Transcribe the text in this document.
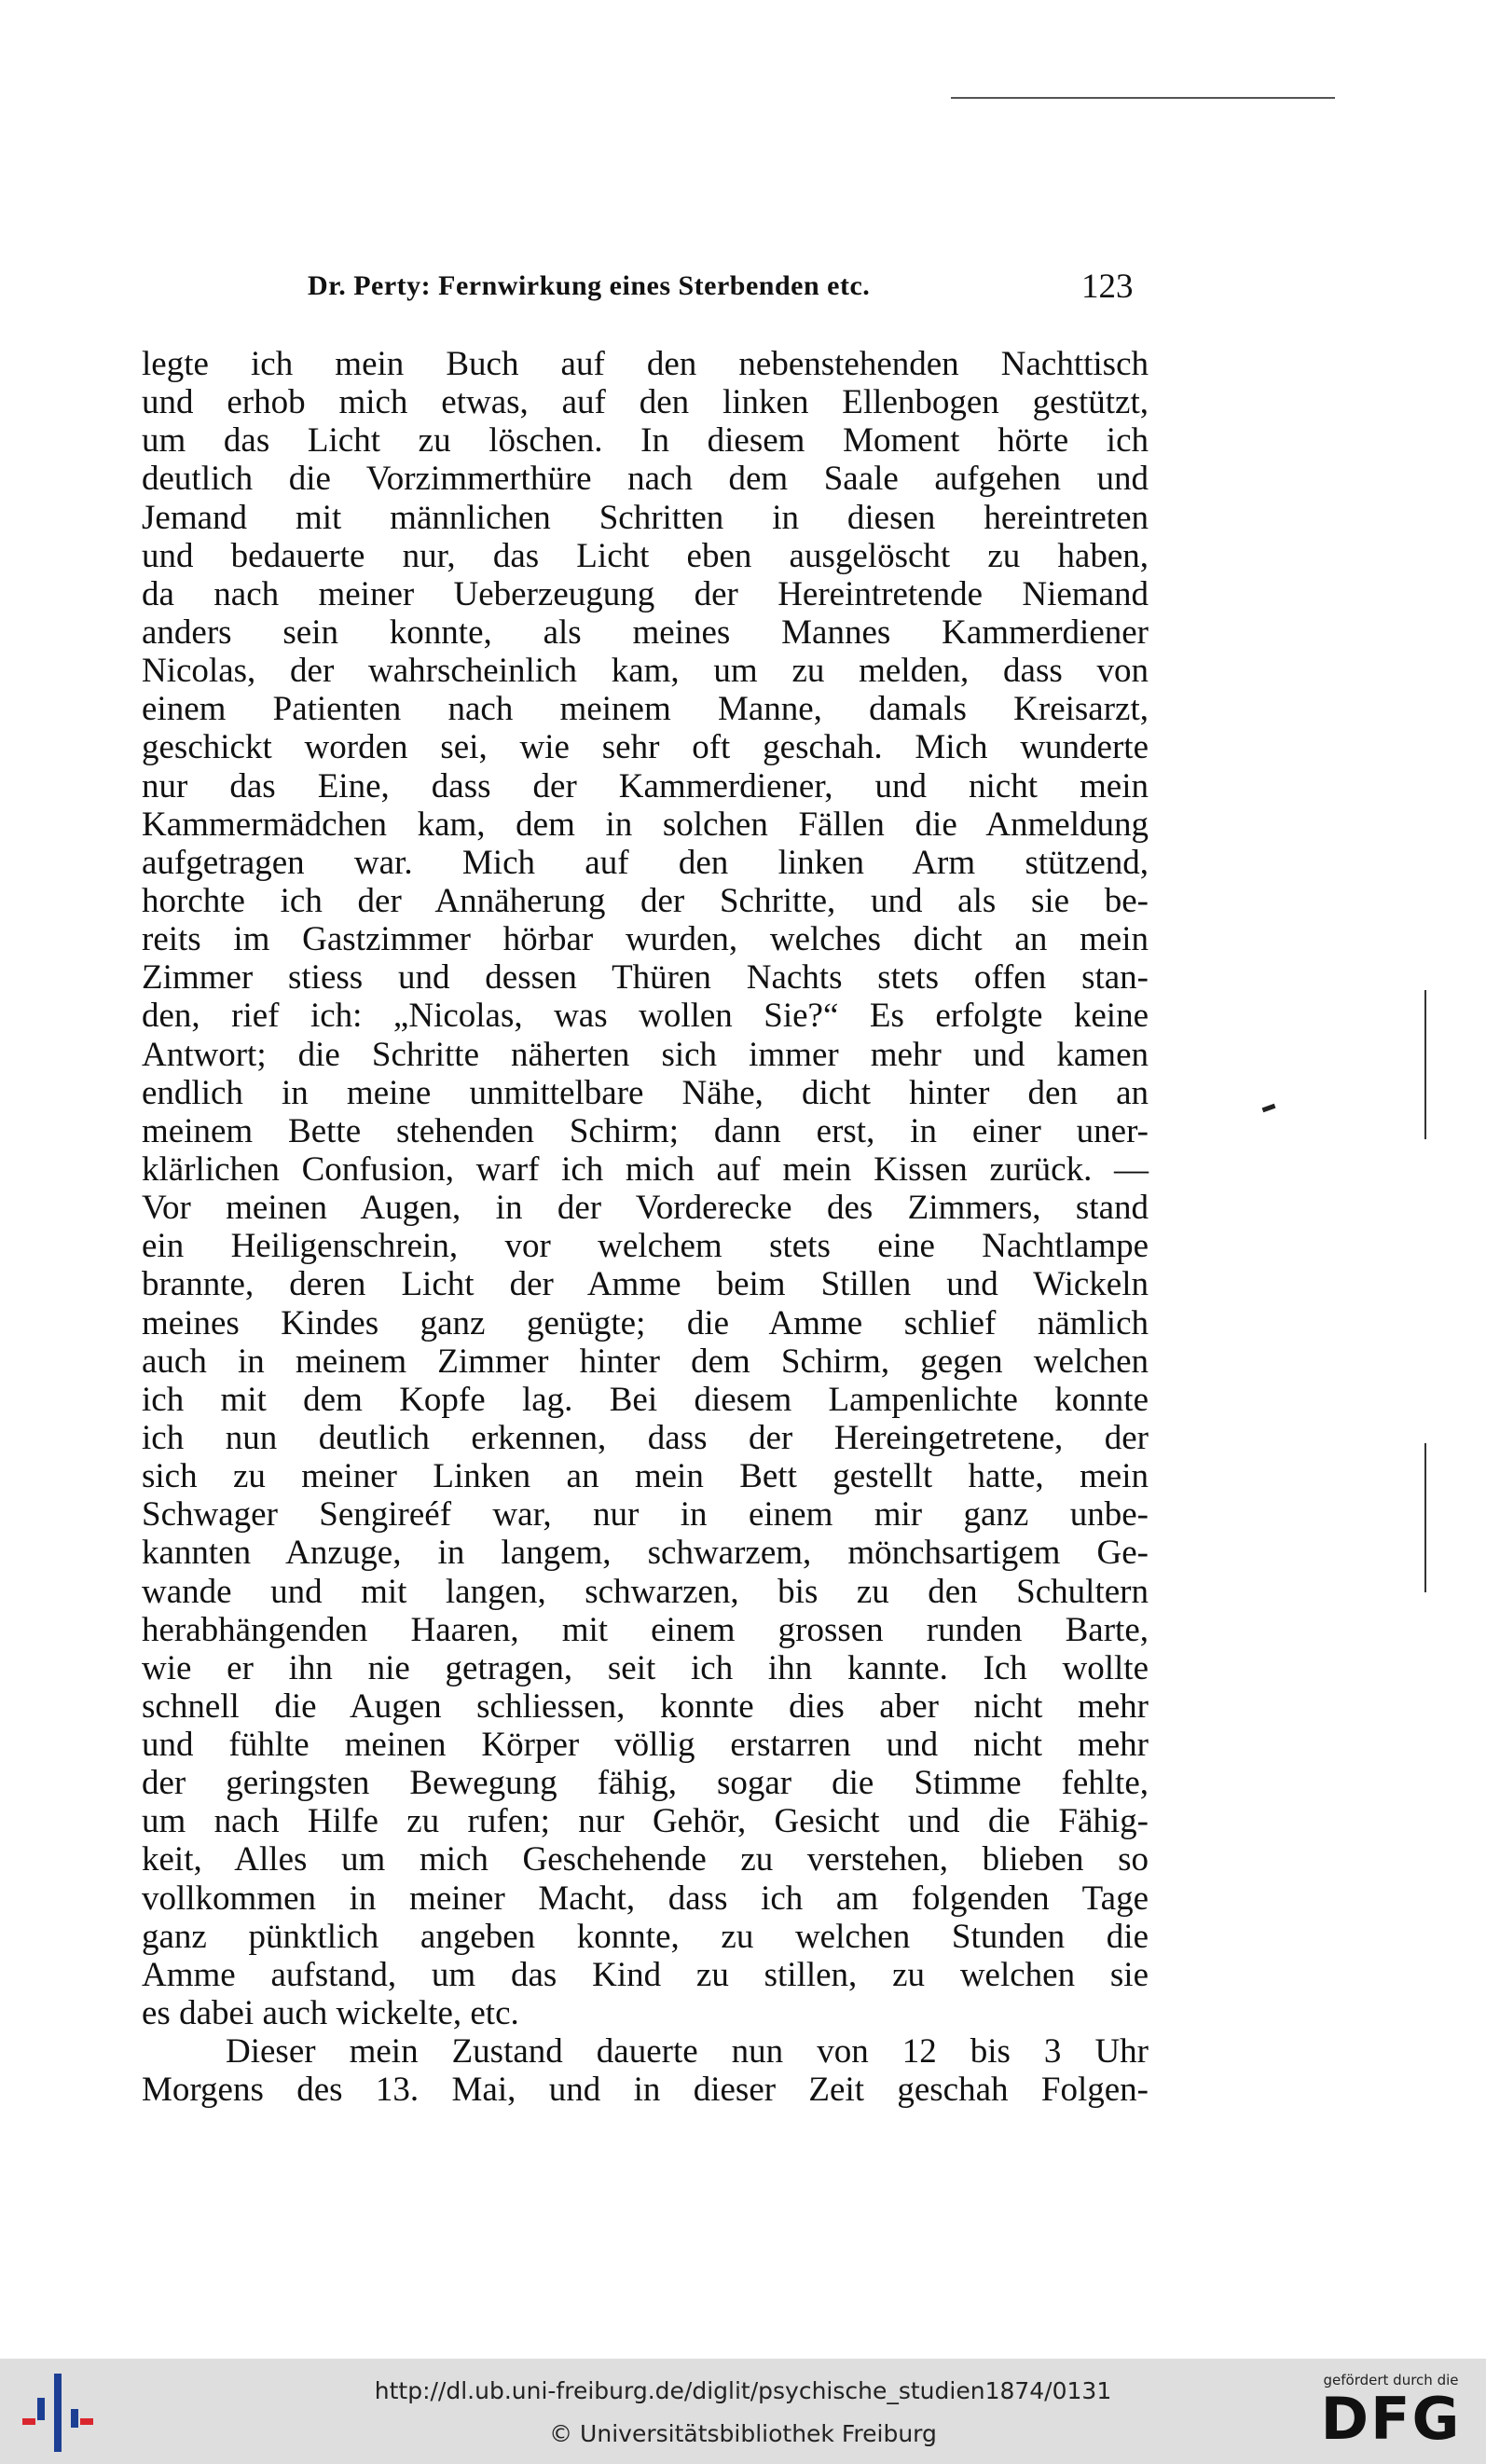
Dr. Perty: Fernwirkung eines Sterbenden etc.	123
legte ich mein Buch auf den nebenstehenden Nachttisch
und erhob mich etwas, auf den linken Ellenbogen gestützt,
um das Licht zu löschen. In diesem Moment hörte ich
deutlich die Vorzimmerthüre nach dem Saale aufgehen und
Jemand mit männlichen Schritten in diesen hereintreten
und bedauerte nur, das Licht eben ausgelöscht zu haben,
da nach meiner Ueberzeugung der Hereintretende Niemand
anders sein konnte, als meines Mannes Kammerdiener
Nicolas, der wahrscheinlich kam, um zu melden, dass von
einem Patienten nach meinem Manne, damals Kreisarzt,
geschickt worden sei, wie sehr oft geschah. Mich wunderte
nur das Eine, dass der Kammerdiener, und nicht mein
Kammermädchen kam, dem in solchen Fällen die Anmeldung
aufgetragen war. Mich auf den linken Arm stützend,
horchte ich der Annäherung der Schritte, und als sie be-
reits im Gastzimmer hörbar wurden, welches dicht an mein
Zimmer stiess und dessen Thüren Nachts stets offen stan-
den, rief ich: „Nicolas, was wollen Sie?“ Es erfolgte keine
Antwort; die Schritte näherten sich immer mehr und kamen
endlich in meine unmittelbare Nähe, dicht hinter den an
meinem Bette stehenden Schirm; dann erst, in einer uner-
klärlichen Confusion, warf ich mich auf mein Kissen zurück. —
Vor meinen Augen, in der Vorderecke des Zimmers, stand
ein Heiligenschrein, vor welchem stets eine Nachtlampe
brannte, deren Licht der Amme beim Stillen und Wickeln
meines Kindes ganz genügte; die Amme schlief nämlich
auch in meinem Zimmer hinter dem Schirm, gegen welchen
ich mit dem Kopfe lag. Bei diesem Lampenlichte konnte
ich nun deutlich erkennen, dass der Hereingetretene, der
sich zu meiner Linken an mein Bett gestellt hatte, mein
Schwager Sengireéf war, nur in einem mir ganz unbe-
kannten Anzuge, in langem, schwarzem, mönchsartigem Ge-
wande und mit langen, schwarzen, bis zu den Schultern
herabhängenden Haaren, mit einem grossen runden Barte,
wie er ihn nie getragen, seit ich ihn kannte. Ich wollte
schnell die Augen schliessen, konnte dies aber nicht mehr
und fühlte meinen Körper völlig erstarren und nicht mehr
der geringsten Bewegung fähig, sogar die Stimme fehlte,
um nach Hilfe zu rufen; nur Gehör, Gesicht und die Fähig-
keit, Alles um mich Geschehende zu verstehen, blieben so
vollkommen in meiner Macht, dass ich am folgenden Tage
ganz pünktlich angeben konnte, zu welchen Stunden die
Amme aufstand, um das Kind zu stillen, zu welchen sie
es dabei auch wickelte, etc.
Dieser mein Zustand dauerte nun von 12 bis 3 Uhr
Morgens des 13. Mai, und in dieser Zeit geschah Folgen-
http://dl.ub.uni-freiburg.de/diglit/psychische_studien1874/0131
© Universitätsbibliothek Freiburg
gefördert durch die
DFG
